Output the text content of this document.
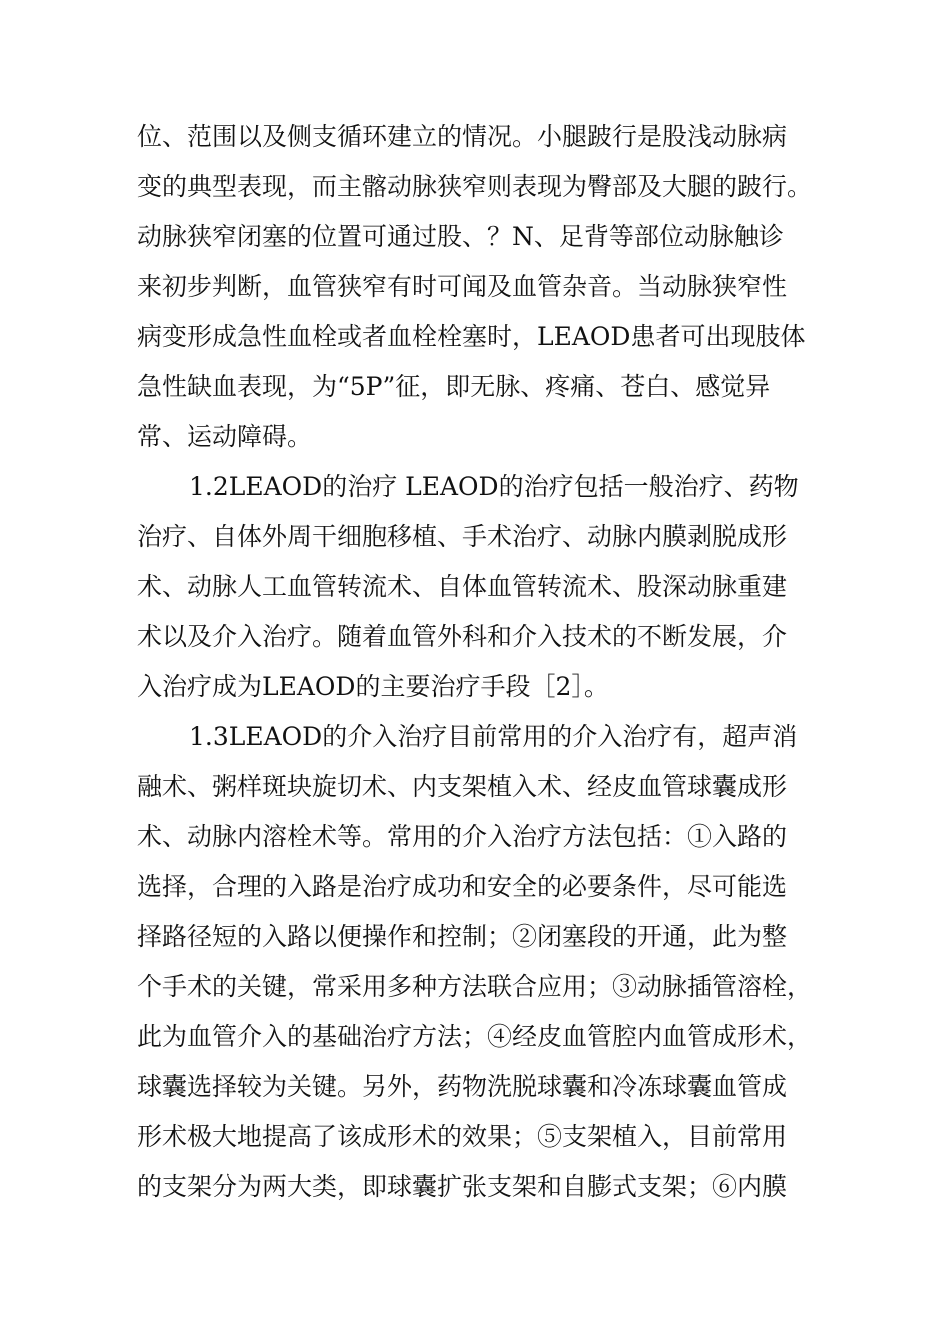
位、范围以及侧支循环建立的情况。小腿跛行是股浅动脉病
变的典型表现，而主髂动脉狭窄则表现为臀部及大腿的跛行。
动脉狭窄闭塞的位置可通过股、？N、足背等部位动脉触诊
来初步判断，血管狭窄有时可闻及血管杂音。当动脉狭窄性
病变形成急性血栓或者血栓栓塞时，LEAOD患者可出现肢体
急性缺血表现，为“5P”征，即无脉、疼痛、苍白、感觉异
常、运动障碍。
1.2LEAOD的治疗 LEAOD的治疗包括一般治疗、药物
治疗、自体外周干细胞移植、手术治疗、动脉内膜剥脱成形
术、动脉人工血管转流术、自体血管转流术、股深动脉重建
术以及介入治疗。随着血管外科和介入技术的不断发展，介
入治疗成为LEAOD的主要治疗手段［2］。
1.3LEAOD的介入治疗目前常用的介入治疗有，超声消
融术、粥样斑块旋切术、内支架植入术、经皮血管球囊成形
术、动脉内溶栓术等。常用的介入治疗方法包括：①入路的
选择，合理的入路是治疗成功和安全的必要条件，尽可能选
择路径短的入路以便操作和控制；②闭塞段的开通，此为整
个手术的关键，常采用多种方法联合应用；③动脉插管溶栓，
此为血管介入的基础治疗方法；④经皮血管腔内血管成形术，
球囊选择较为关键。另外，药物洗脱球囊和冷冻球囊血管成
形术极大地提高了该成形术的效果；⑤支架植入，目前常用
的支架分为两大类，即球囊扩张支架和自膨式支架；⑥内膜
